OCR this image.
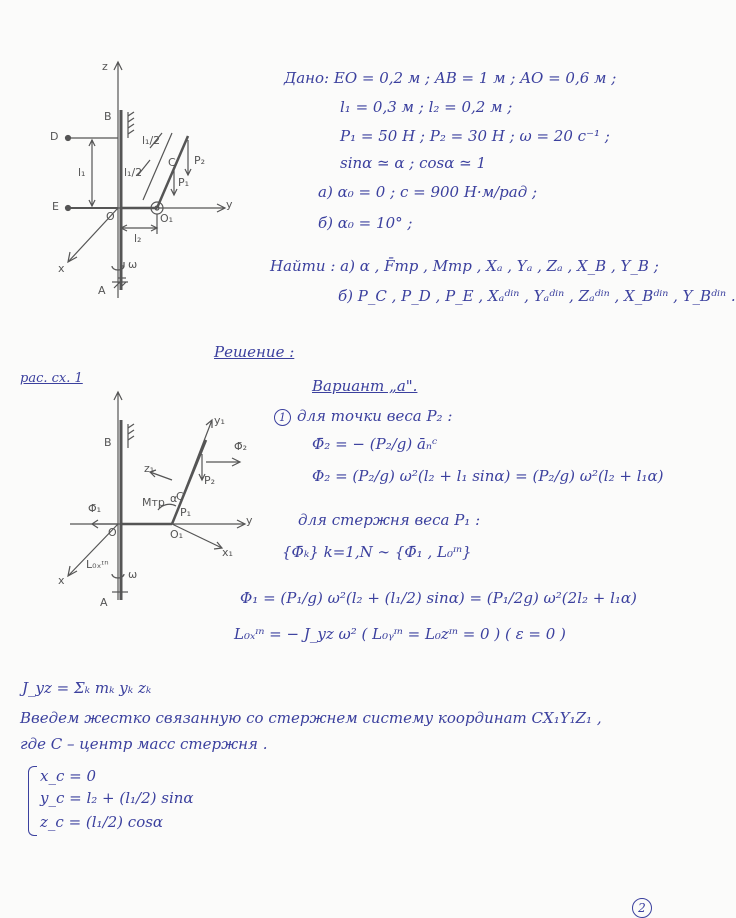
z
B
D
E
l₁
O	O₁
l₂
y
x
l₁/2
l₁/2
C
P₁
P₂
ω
A
Дано: EO = 0,2 м ; AB = 1 м ; AO = 0,6 м ;
l₁ = 0,3 м ; l₂ = 0,2 м ;
P₁ = 50 H ; P₂ = 30 H ; ω = 20 c⁻¹ ;
sinα ≃ α ; cosα ≃ 1
а) α₀ = 0 ; c = 900 Н·м/рад ;
б) α₀ = 10° ;
Найти : а) α , F̄тр , Mтр , Xₐ , Yₐ , Zₐ , X_B , Y_B ;
б) P_C , P_D , P_E , Xₐᵈⁱⁿ , Yₐᵈⁱⁿ , Zₐᵈⁱⁿ , X_Bᵈⁱⁿ , Y_Bᵈⁱⁿ .
Решение :
рас. сх. 1	Вариант „а".
B
Φ̄₁
O	O₁
y
x
y₁
z₁
x₁
Φ̄₂
P₂
C
P₁
α
Mтр
L₀ₓᶦⁿ
ω
A
1 для точки веса P₂ :
Φ̄₂ = − (P₂/g) āₙᶜ
Φ₂ = (P₂/g) ω²(l₂ + l₁ sinα) = (P₂/g) ω²(l₂ + l₁α)
для стержня веса P₁ :
{Φ̄ₖ} k=1,N ∼ {Φ̄₁ , L₀ᶦⁿ}
Φ₁ = (P₁/g) ω²(l₂ + (l₁/2) sinα) = (P₁/2g) ω²(2l₂ + l₁α)
L₀ₓᶦⁿ = − J_yz ω² ( L₀ᵧᶦⁿ = L₀zᶦⁿ = 0 ) ( ε = 0 )
J_yz = Σₖ mₖ yₖ zₖ
Введем жестко связанную со стержнем систему координат CX₁Y₁Z₁ ,
где C – центр масс стержня .
x_c = 0
y_c = l₂ + (l₁/2) sinα
z_c = (l₁/2) cosα
2
